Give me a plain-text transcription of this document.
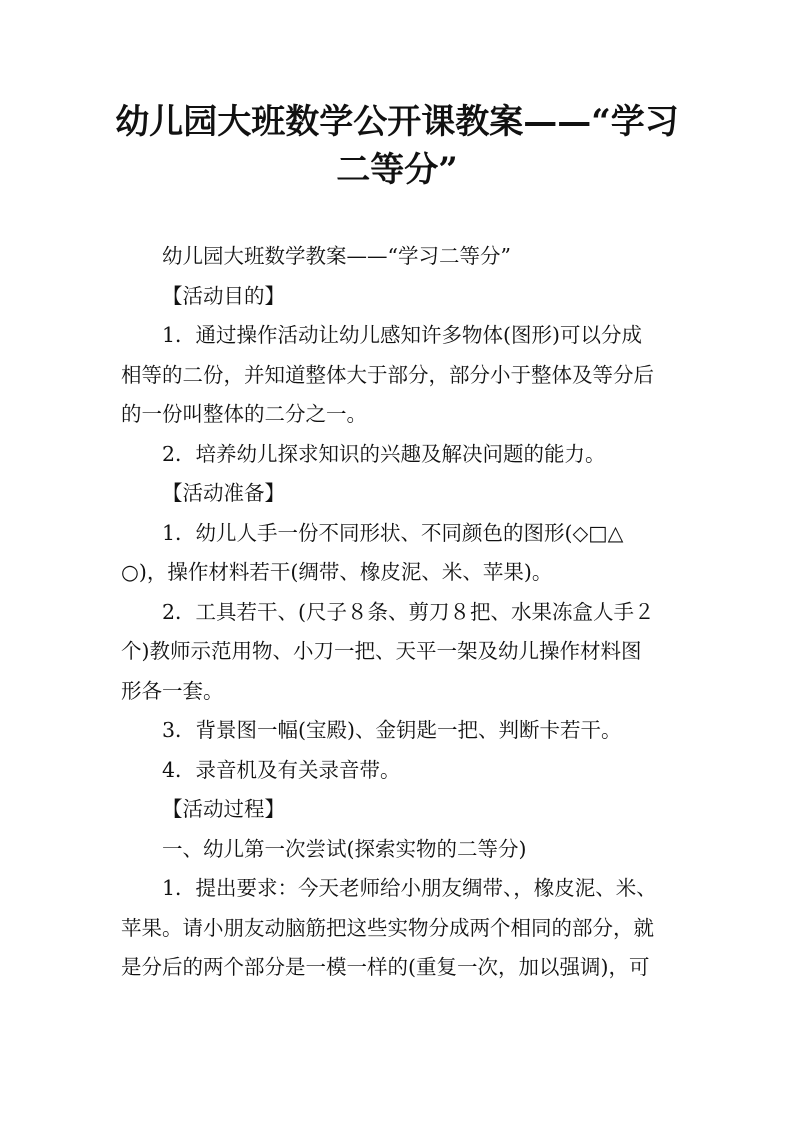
幼儿园大班数学公开课教案——“学习
二等分”

幼儿园大班数学教案——“学习二等分”

【活动目的】

1．通过操作活动让幼儿感知许多物体(图形)可以分成

相等的二份，并知道整体大于部分，部分小于整体及等分后

的一份叫整体的二分之一。

2．培养幼儿探求知识的兴趣及解决问题的能力。

【活动准备】

1．幼儿人手一份不同形状、不同颜色的图形(◇□△

○)，操作材料若干(绸带、橡皮泥、米、苹果)。

2．工具若干、(尺子８条、剪刀８把、水果冻盒人手２

个)教师示范用物、小刀一把、天平一架及幼儿操作材料图

形各一套。

3．背景图一幅(宝殿)、金钥匙一把、判断卡若干。

4．录音机及有关录音带。

【活动过程】

一、幼儿第一次尝试(探索实物的二等分)

1．提出要求：今天老师给小朋友绸带、，橡皮泥、米、

苹果。请小朋友动脑筋把这些实物分成两个相同的部分，就

是分后的两个部分是一模一样的(重复一次，加以强调)，可
